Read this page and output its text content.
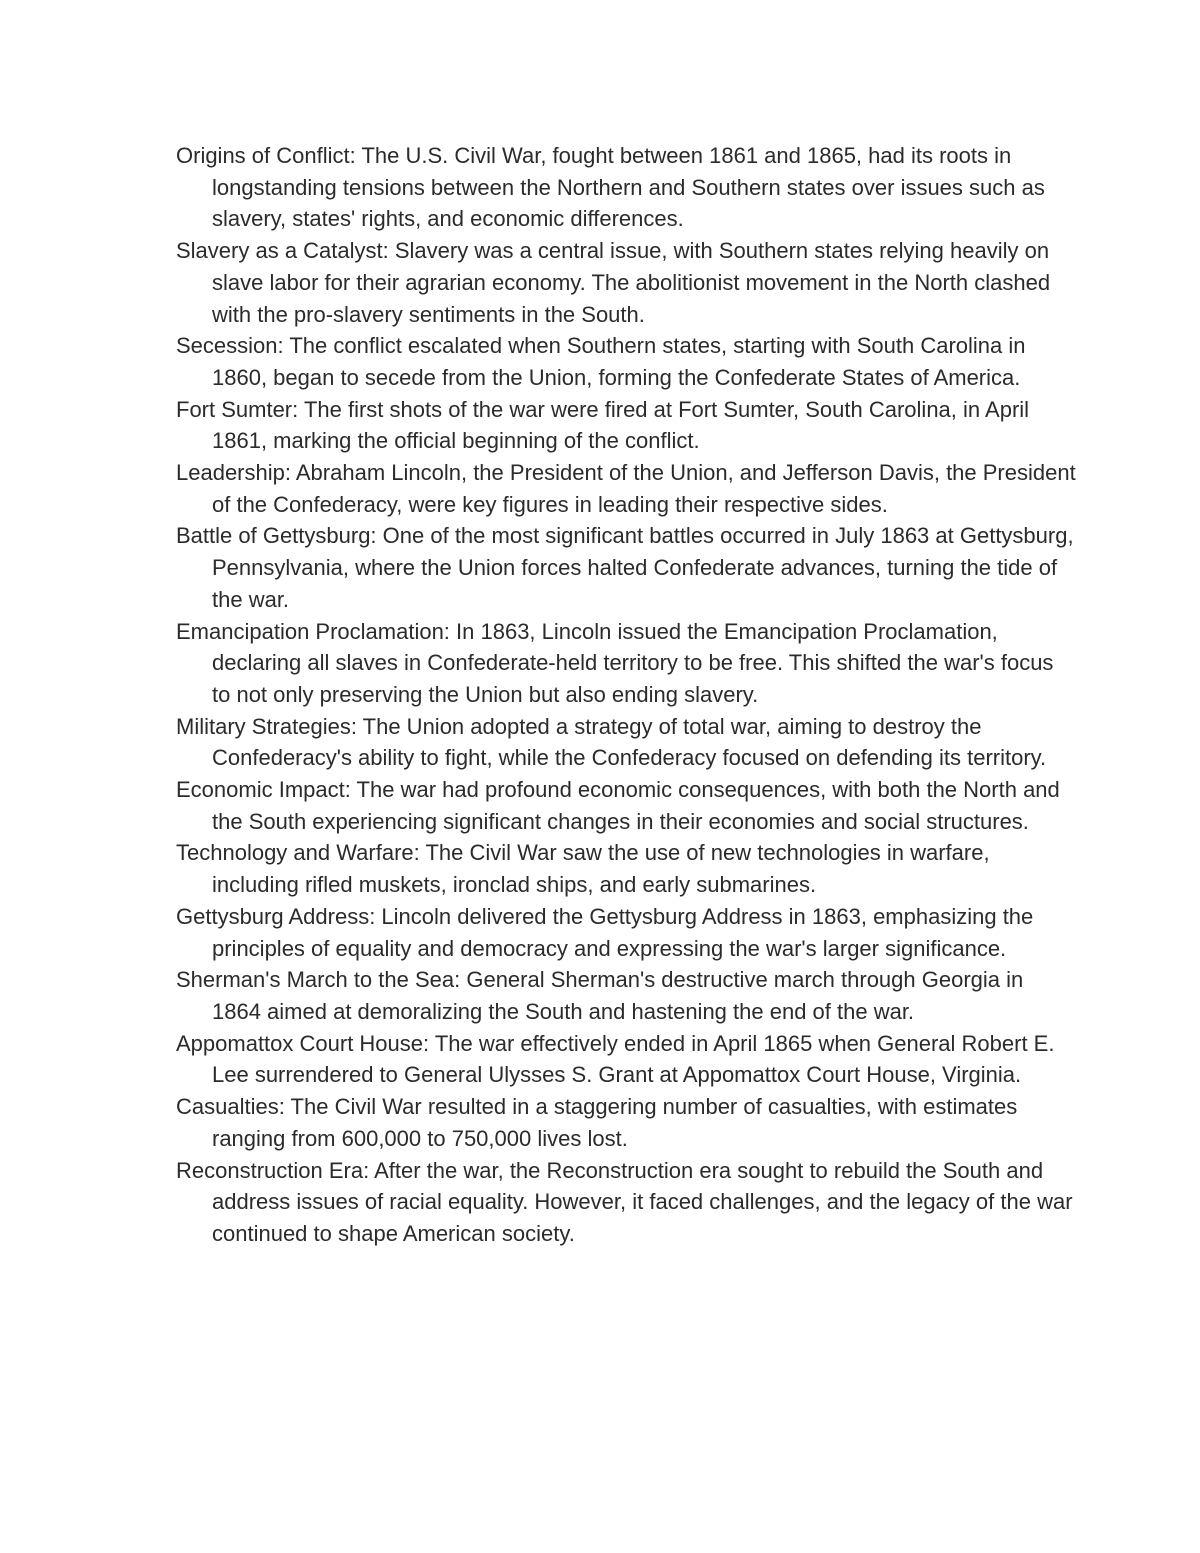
Origins of Conflict: The U.S. Civil War, fought between 1861 and 1865, had its roots in longstanding tensions between the Northern and Southern states over issues such as slavery, states' rights, and economic differences.

Slavery as a Catalyst: Slavery was a central issue, with Southern states relying heavily on slave labor for their agrarian economy. The abolitionist movement in the North clashed with the pro-slavery sentiments in the South.

Secession: The conflict escalated when Southern states, starting with South Carolina in 1860, began to secede from the Union, forming the Confederate States of America.

Fort Sumter: The first shots of the war were fired at Fort Sumter, South Carolina, in April 1861, marking the official beginning of the conflict.

Leadership: Abraham Lincoln, the President of the Union, and Jefferson Davis, the President of the Confederacy, were key figures in leading their respective sides.

Battle of Gettysburg: One of the most significant battles occurred in July 1863 at Gettysburg, Pennsylvania, where the Union forces halted Confederate advances, turning the tide of the war.

Emancipation Proclamation: In 1863, Lincoln issued the Emancipation Proclamation, declaring all slaves in Confederate-held territory to be free. This shifted the war's focus to not only preserving the Union but also ending slavery.

Military Strategies: The Union adopted a strategy of total war, aiming to destroy the Confederacy's ability to fight, while the Confederacy focused on defending its territory.

Economic Impact: The war had profound economic consequences, with both the North and the South experiencing significant changes in their economies and social structures.

Technology and Warfare: The Civil War saw the use of new technologies in warfare, including rifled muskets, ironclad ships, and early submarines.

Gettysburg Address: Lincoln delivered the Gettysburg Address in 1863, emphasizing the principles of equality and democracy and expressing the war's larger significance.

Sherman's March to the Sea: General Sherman's destructive march through Georgia in 1864 aimed at demoralizing the South and hastening the end of the war.

Appomattox Court House: The war effectively ended in April 1865 when General Robert E. Lee surrendered to General Ulysses S. Grant at Appomattox Court House, Virginia.

Casualties: The Civil War resulted in a staggering number of casualties, with estimates ranging from 600,000 to 750,000 lives lost.

Reconstruction Era: After the war, the Reconstruction era sought to rebuild the South and address issues of racial equality. However, it faced challenges, and the legacy of the war continued to shape American society.
